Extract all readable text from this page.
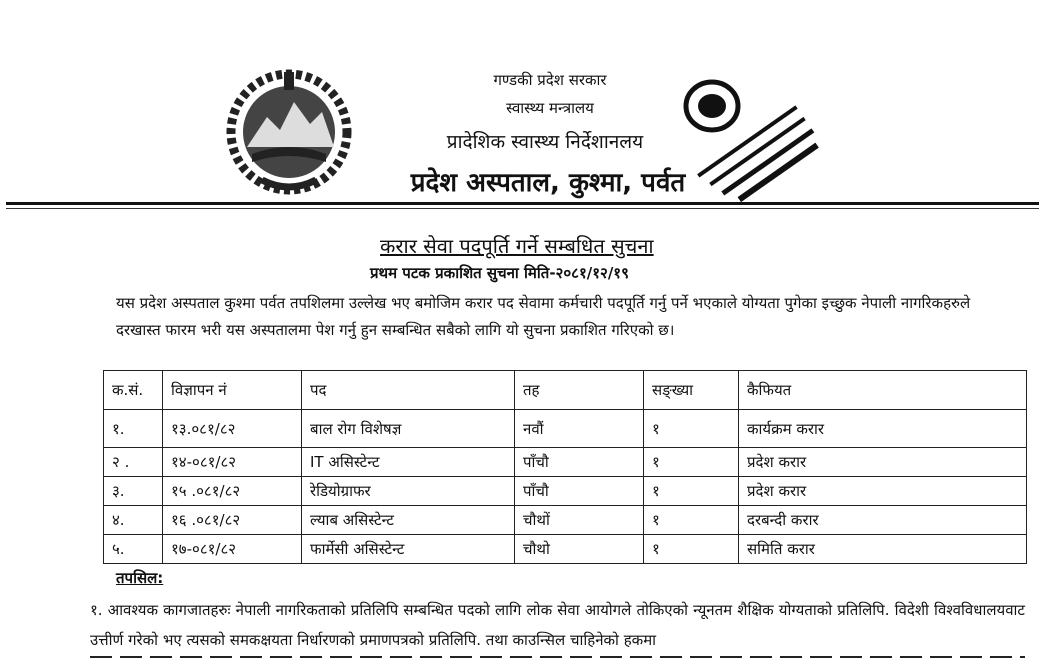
गण्डकी प्रदेश सरकार
स्वास्थ्य मन्त्रालय
प्रादेशिक स्वास्थ्य निर्देशानलय
प्रदेश अस्पताल, कुश्मा, पर्वत
करार सेवा पदपूर्ति गर्ने सम्बधित सुचना
प्रथम पटक प्रकाशित सुचना मिति-२०८१/१२/१९
यस प्रदेश अस्पताल कुश्मा पर्वत तपशिलमा उल्लेख भए बमोजिम करार पद सेवामा कर्मचारी पदपूर्ति गर्नु पर्ने भएकाले योग्यता पुगेका इच्छुक नेपाली नागरिकहरुले दरखास्त फारम भरी यस अस्पतालमा पेश गर्नु हुन सम्बन्धित सबैको लागि यो सुचना प्रकाशित गरिएको छ।
क.सं.	विज्ञापन नं	पद	तह	सङ्ख्या	कैफियत
१.	१३.०८१/८२	बाल रोग विशेषज्ञ	नवौं	१	कार्यक्रम करार
२ .	१४-०८१/८२	IT असिस्टेन्ट	पाँचौ	१	प्रदेश करार
३.	१५ .०८१/८२	रेडियोग्राफर	पाँचौ	१	प्रदेश करार
४.	१६ .०८१/८२	ल्याब असिस्टेन्ट	चौथों	१	दरबन्दी करार
५.	१७-०८१/८२	फार्मेसी असिस्टेन्ट	चौथो	१	समिति करार
तपसिल:
१. आवश्यक कागजातहरुः नेपाली नागरिकताको प्रतिलिपि सम्बन्धित पदको लागि लोक सेवा आयोगले तोकिएको न्यूनतम शैक्षिक योग्यताको प्रतिलिपि. विदेशी विश्वविधालयवाट उत्तीर्ण गरेको भए त्यसको समकक्षयता निर्धारणको प्रमाणपत्रको प्रतिलिपि. तथा काउन्सिल चाहिनेको हकमा
